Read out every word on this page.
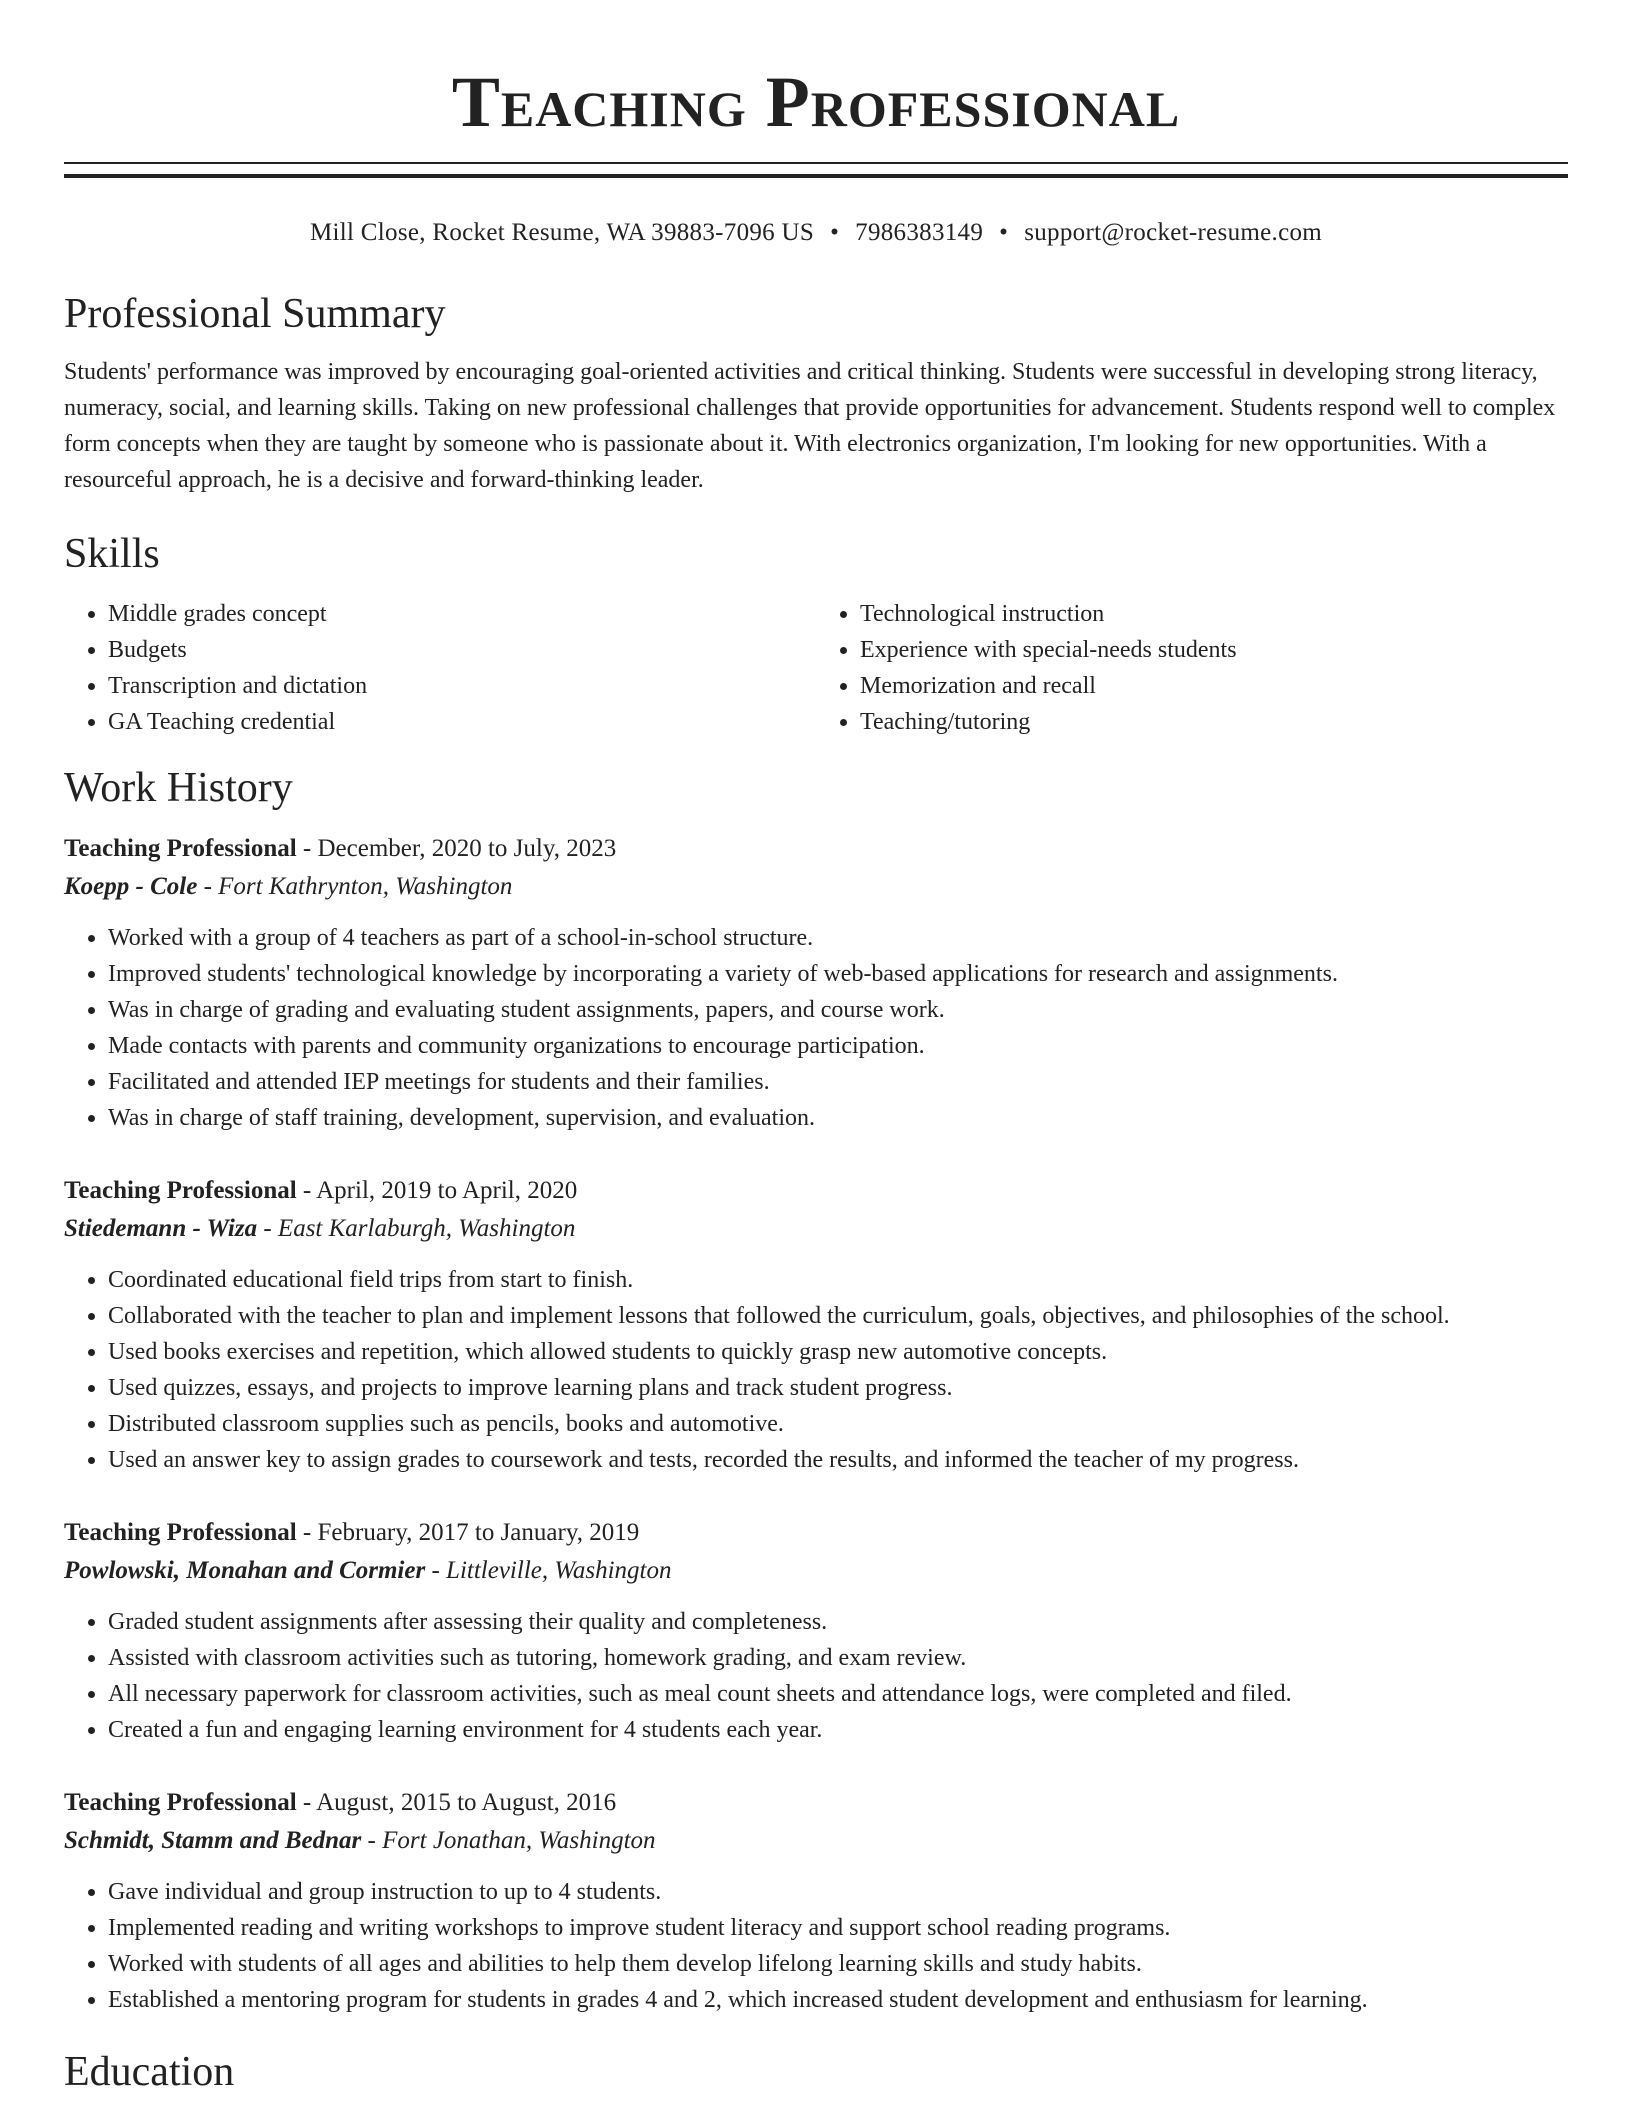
Teaching Professional
Mill Close, Rocket Resume, WA 39883-7096 US • 7986383149 • support@rocket-resume.com
Professional Summary

Students' performance was improved by encouraging goal-oriented activities and critical thinking. Students were successful in developing strong literacy, numeracy, social, and learning skills. Taking on new professional challenges that provide opportunities for advancement. Students respond well to complex form concepts when they are taught by someone who is passionate about it. With electronics organization, I'm looking for new opportunities. With a resourceful approach, he is a decisive and forward-thinking leader.

Skills
• Middle grades concept
• Budgets
• Transcription and dictation
• GA Teaching credential
• Technological instruction
• Experience with special-needs students
• Memorization and recall
• Teaching/tutoring
Work History
Teaching Professional - December, 2020 to July, 2023
Koepp - Cole - Fort Kathrynton, Washington
• Worked with a group of 4 teachers as part of a school-in-school structure.
• Improved students' technological knowledge by incorporating a variety of web-based applications for research and assignments.
• Was in charge of grading and evaluating student assignments, papers, and course work.
• Made contacts with parents and community organizations to encourage participation.
• Facilitated and attended IEP meetings for students and their families.
• Was in charge of staff training, development, supervision, and evaluation.
Teaching Professional - April, 2019 to April, 2020
Stiedemann - Wiza - East Karlaburgh, Washington
• Coordinated educational field trips from start to finish.
• Collaborated with the teacher to plan and implement lessons that followed the curriculum, goals, objectives, and philosophies of the school.
• Used books exercises and repetition, which allowed students to quickly grasp new automotive concepts.
• Used quizzes, essays, and projects to improve learning plans and track student progress.
• Distributed classroom supplies such as pencils, books and automotive.
• Used an answer key to assign grades to coursework and tests, recorded the results, and informed the teacher of my progress.
Teaching Professional - February, 2017 to January, 2019
Powlowski, Monahan and Cormier - Littleville, Washington
• Graded student assignments after assessing their quality and completeness.
• Assisted with classroom activities such as tutoring, homework grading, and exam review.
• All necessary paperwork for classroom activities, such as meal count sheets and attendance logs, were completed and filed.
• Created a fun and engaging learning environment for 4 students each year.
Teaching Professional - August, 2015 to August, 2016
Schmidt, Stamm and Bednar - Fort Jonathan, Washington
• Gave individual and group instruction to up to 4 students.
• Implemented reading and writing workshops to improve student literacy and support school reading programs.
• Worked with students of all ages and abilities to help them develop lifelong learning skills and study habits.
• Established a mentoring program for students in grades 4 and 2, which increased student development and enthusiasm for learning.
Education
